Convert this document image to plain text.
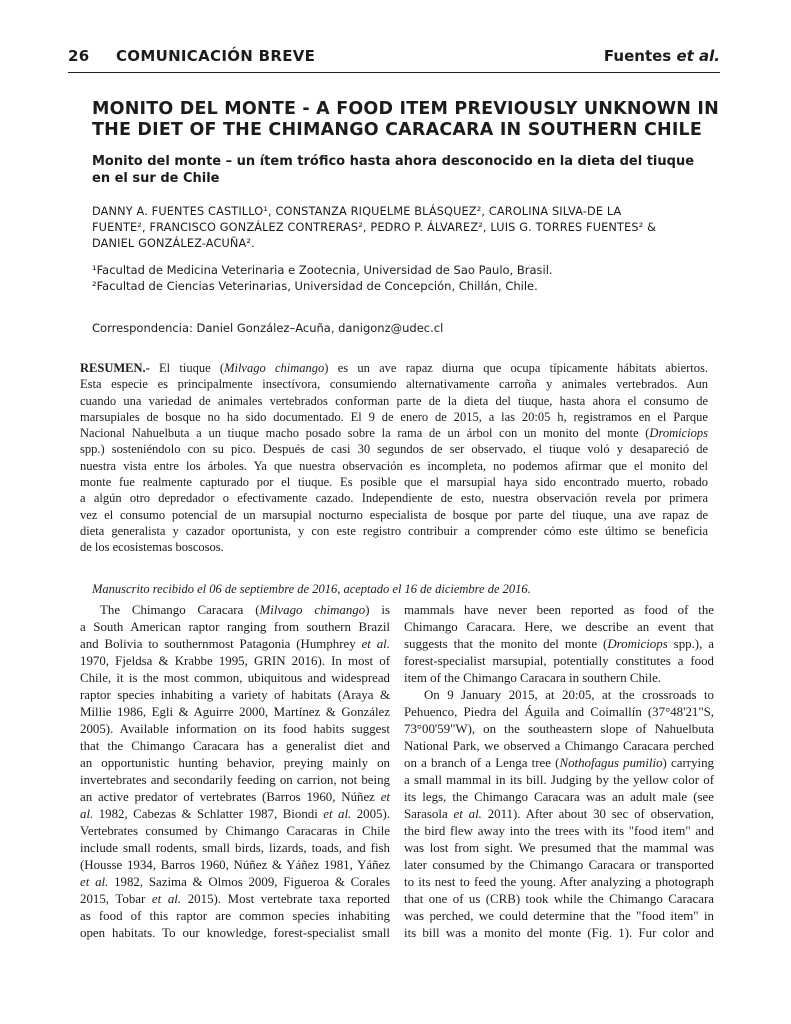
26 COMUNICACIÓN BREVE	Fuentes et al.
MONITO DEL MONTE - A FOOD ITEM PREVIOUSLY UNKNOWN IN
THE DIET OF THE CHIMANGO CARACARA IN SOUTHERN CHILE
Monito del monte – un ítem trófico hasta ahora desconocido en la dieta del tiuque
en el sur de Chile

DANNY A. FUENTES CASTILLO¹, CONSTANZA RIQUELME BLÁSQUEZ², CAROLINA SILVA-DE LA
FUENTE², FRANCISCO GONZÁLEZ CONTRERAS², PEDRO P. ÁLVAREZ², LUIS G. TORRES FUENTES² &
DANIEL GONZÁLEZ-ACUÑA².

¹Facultad de Medicina Veterinaria e Zootecnia, Universidad de Sao Paulo, Brasil.
²Facultad de Ciencias Veterinarias, Universidad de Concepción, Chillán, Chile.

Correspondencia: Daniel González–Acuña, danigonz@udec.cl

RESUMEN.- El tiuque (Milvago chimango) es un ave rapaz diurna que ocupa típicamente hábitats abiertos.
Esta especie es principalmente insectívora, consumiendo alternativamente carroña y animales vertebrados. Aun
cuando una variedad de animales vertebrados conforman parte de la dieta del tiuque, hasta ahora el consumo de
marsupiales de bosque no ha sido documentado. El 9 de enero de 2015, a las 20:05 h, registramos en el Parque
Nacional Nahuelbuta a un tiuque macho posado sobre la rama de un árbol con un monito del monte (Dromiciops
spp.) sosteniéndolo con su pico. Después de casi 30 segundos de ser observado, el tiuque voló y desapareció de
nuestra vista entre los árboles. Ya que nuestra observación es incompleta, no podemos afirmar que el monito del
monte fue realmente capturado por el tiuque. Es posible que el marsupial haya sido encontrado muerto, robado
a algún otro depredador o efectivamente cazado. Independiente de esto, nuestra observación revela por primera
vez el consumo potencial de un marsupial nocturno especialista de bosque por parte del tiuque, una ave rapaz de
dieta generalista y cazador oportunista, y con este registro contribuir a comprender cómo este último se beneficia
de los ecosistemas boscosos.

Manuscrito recibido el 06 de septiembre de 2016, aceptado el 16 de diciembre de 2016.

The Chimango Caracara (Milvago chimango) is
a South American raptor ranging from southern Brazil
and Bolivia to southernmost Patagonia (Humphrey et al.
1970, Fjeldsa & Krabbe 1995, GRIN 2016). In most of
Chile, it is the most common, ubiquitous and widespread
raptor species inhabiting a variety of habitats (Araya &
Millie 1986, Egli & Aguirre 2000, Martínez & González
2005). Available information on its food habits suggest
that the Chimango Caracara has a generalist diet and
an opportunistic hunting behavior, preying mainly on
invertebrates and secondarily feeding on carrion, not being
an active predator of vertebrates (Barros 1960, Núñez et
al. 1982, Cabezas & Schlatter 1987, Biondi et al. 2005).
Vertebrates consumed by Chimango Caracaras in Chile
include small rodents, small birds, lizards, toads, and fish
(Housse 1934, Barros 1960, Núñez & Yáñez 1981, Yáñez
et al. 1982, Sazima & Olmos 2009, Figueroa & Corales
2015, Tobar et al. 2015). Most vertebrate taxa reported
as food of this raptor are common species inhabiting
open habitats. To our knowledge, forest-specialist small
mammals have never been reported as food of the
Chimango Caracara. Here, we describe an event that
suggests that the monito del monte (Dromiciops spp.), a
forest-specialist marsupial, potentially constitutes a food
item of the Chimango Caracara in southern Chile.
On 9 January 2015, at 20:05, at the crossroads to
Pehuenco, Piedra del Águila and Coimallín (37°48'21"S,
73°00'59"W), on the southeastern slope of Nahuelbuta
National Park, we observed a Chimango Caracara perched
on a branch of a Lenga tree (Nothofagus pumilio) carrying
a small mammal in its bill. Judging by the yellow color of
its legs, the Chimango Caracara was an adult male (see
Sarasola et al. 2011). After about 30 sec of observation,
the bird flew away into the trees with its "food item" and
was lost from sight. We presumed that the mammal was
later consumed by the Chimango Caracara or transported
to its nest to feed the young. After analyzing a photograph
that one of us (CRB) took while the Chimango Caracara
was perched, we could determine that the "food item" in
its bill was a monito del monte (Fig. 1). Fur color and
